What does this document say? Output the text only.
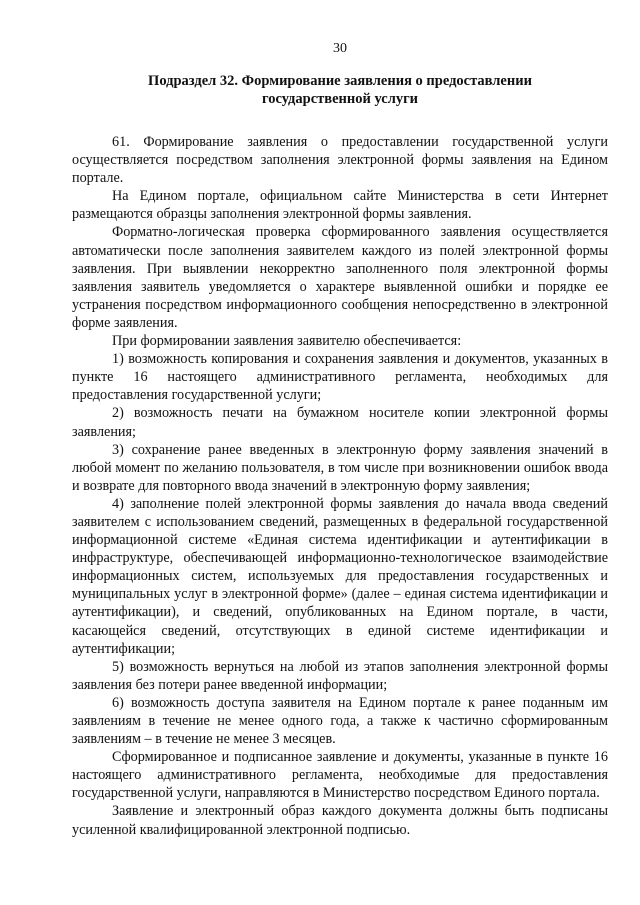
30
Подраздел 32. Формирование заявления о предоставлении
государственной услуги

61. Формирование заявления о предоставлении государственной услуги осуществляется посредством заполнения электронной формы заявления на Едином портале.

На Едином портале, официальном сайте Министерства в сети Интернет размещаются образцы заполнения электронной формы заявления.

Форматно-логическая проверка сформированного заявления осуществляется автоматически после заполнения заявителем каждого из полей электронной формы заявления. При выявлении некорректно заполненного поля электронной формы заявления заявитель уведомляется о характере выявленной ошибки и порядке ее устранения посредством информационного сообщения непосредственно в электронной форме заявления.

При формировании заявления заявителю обеспечивается:

1) возможность копирования и сохранения заявления и документов, указанных в пункте 16 настоящего административного регламента, необходимых для предоставления государственной услуги;

2) возможность печати на бумажном носителе копии электронной формы заявления;

3) сохранение ранее введенных в электронную форму заявления значений в любой момент по желанию пользователя, в том числе при возникновении ошибок ввода и возврате для повторного ввода значений в электронную форму заявления;

4) заполнение полей электронной формы заявления до начала ввода сведений заявителем с использованием сведений, размещенных в федеральной государственной информационной системе «Единая система идентификации и аутентификации в инфраструктуре, обеспечивающей информационно-технологическое взаимодействие информационных систем, используемых для предоставления государственных и муниципальных услуг в электронной форме» (далее – единая система идентификации и аутентификации), и сведений, опубликованных на Едином портале, в части, касающейся сведений, отсутствующих в единой системе идентификации и аутентификации;

5) возможность вернуться на любой из этапов заполнения электронной формы заявления без потери ранее введенной информации;

6) возможность доступа заявителя на Едином портале к ранее поданным им заявлениям в течение не менее одного года, а также к частично сформированным заявлениям – в течение не менее 3 месяцев.

Сформированное и подписанное заявление и документы, указанные в пункте 16 настоящего административного регламента, необходимые для предоставления государственной услуги, направляются в Министерство посредством Единого портала.

Заявление и электронный образ каждого документа должны быть подписаны усиленной квалифицированной электронной подписью.
